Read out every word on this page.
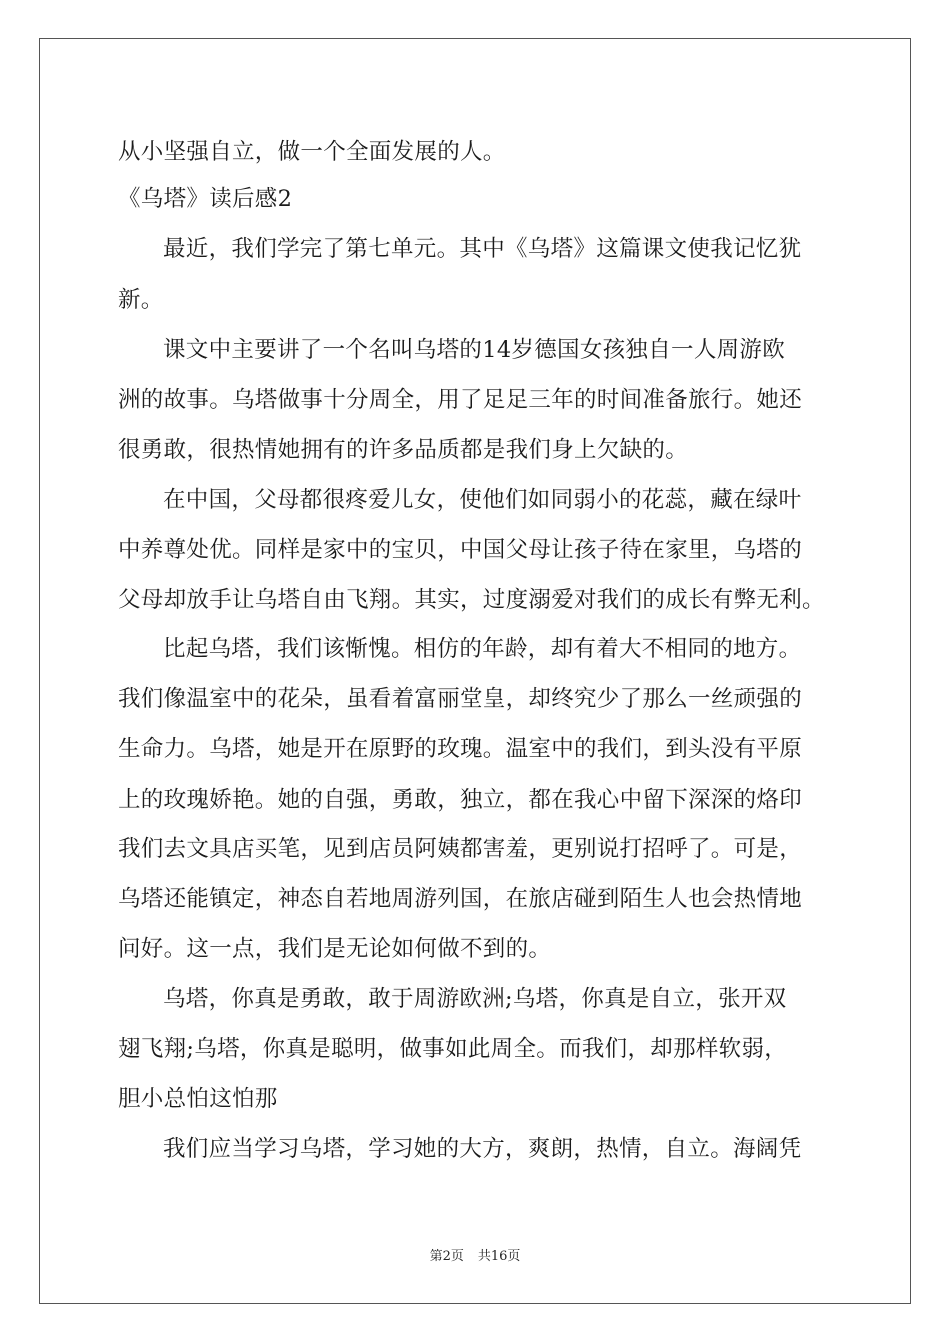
从小坚强自立，做一个全面发展的人。
《乌塔》读后感2
最近，我们学完了第七单元。其中《乌塔》这篇课文使我记忆犹
新。
课文中主要讲了一个名叫乌塔的14岁德国女孩独自一人周游欧
洲的故事。乌塔做事十分周全，用了足足三年的时间准备旅行。她还
很勇敢，很热情她拥有的许多品质都是我们身上欠缺的。
在中国，父母都很疼爱儿女，使他们如同弱小的花蕊，藏在绿叶
中养尊处优。同样是家中的宝贝，中国父母让孩子待在家里，乌塔的
父母却放手让乌塔自由飞翔。其实，过度溺爱对我们的成长有弊无利。
比起乌塔，我们该惭愧。相仿的年龄，却有着大不相同的地方。
我们像温室中的花朵，虽看着富丽堂皇，却终究少了那么一丝顽强的
生命力。乌塔，她是开在原野的玫瑰。温室中的我们，到头没有平原
上的玫瑰娇艳。她的自强，勇敢，独立，都在我心中留下深深的烙印
我们去文具店买笔，见到店员阿姨都害羞，更别说打招呼了。可是，
乌塔还能镇定，神态自若地周游列国，在旅店碰到陌生人也会热情地
问好。这一点，我们是无论如何做不到的。
乌塔，你真是勇敢，敢于周游欧洲;乌塔，你真是自立，张开双
翅飞翔;乌塔，你真是聪明，做事如此周全。而我们，却那样软弱，
胆小总怕这怕那
我们应当学习乌塔，学习她的大方，爽朗，热情，自立。海阔凭
第2页 共16页
